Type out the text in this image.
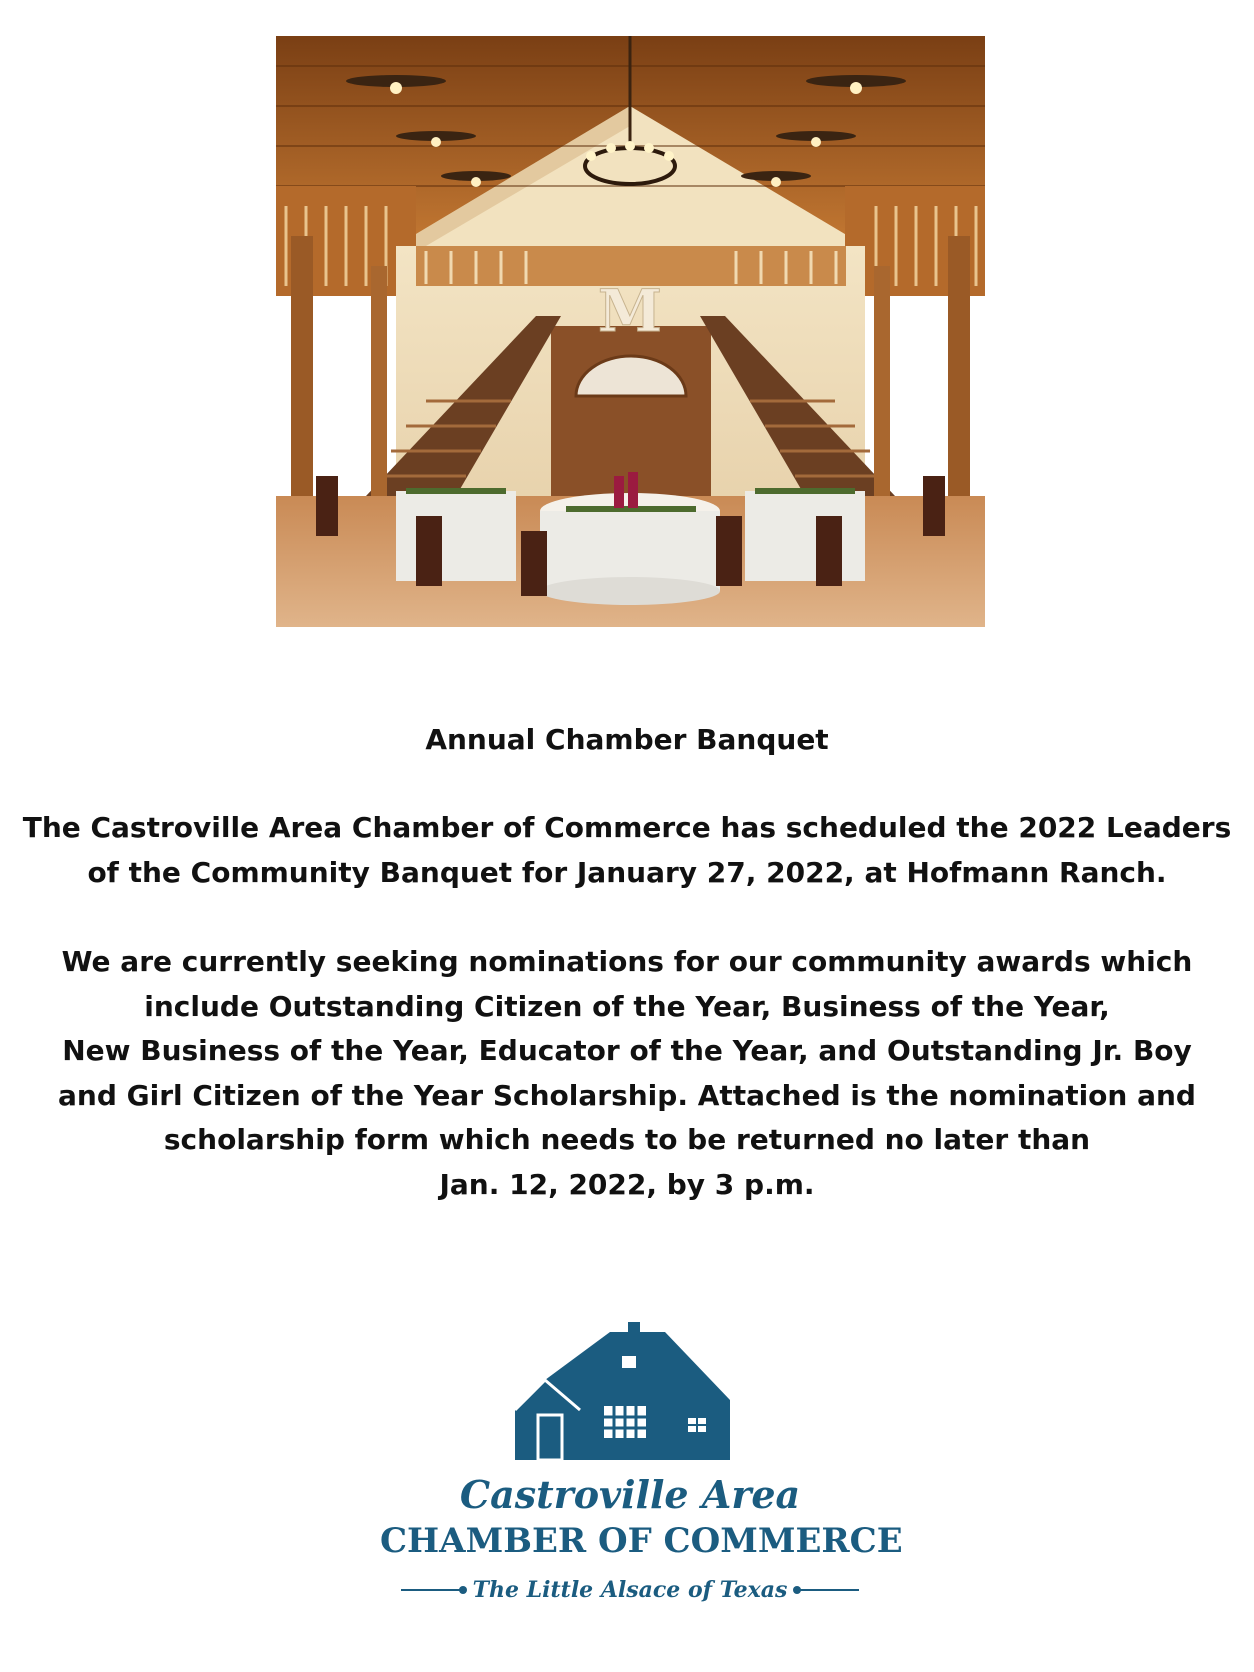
M
Annual Chamber Banquet
The Castroville Area Chamber of Commerce has scheduled the 2022 Leaders
of the Community Banquet for January 27, 2022, at Hofmann Ranch.
We are currently seeking nominations for our community awards which
include Outstanding Citizen of the Year, Business of the Year,
New Business of the Year, Educator of the Year, and Outstanding Jr. Boy
and Girl Citizen of the Year Scholarship. Attached is the nomination and
scholarship form which needs to be returned no later than
Jan. 12, 2022, by 3 p.m.
Castroville Area
CHAMBER OF COMMERCE
The Little Alsace of Texas
